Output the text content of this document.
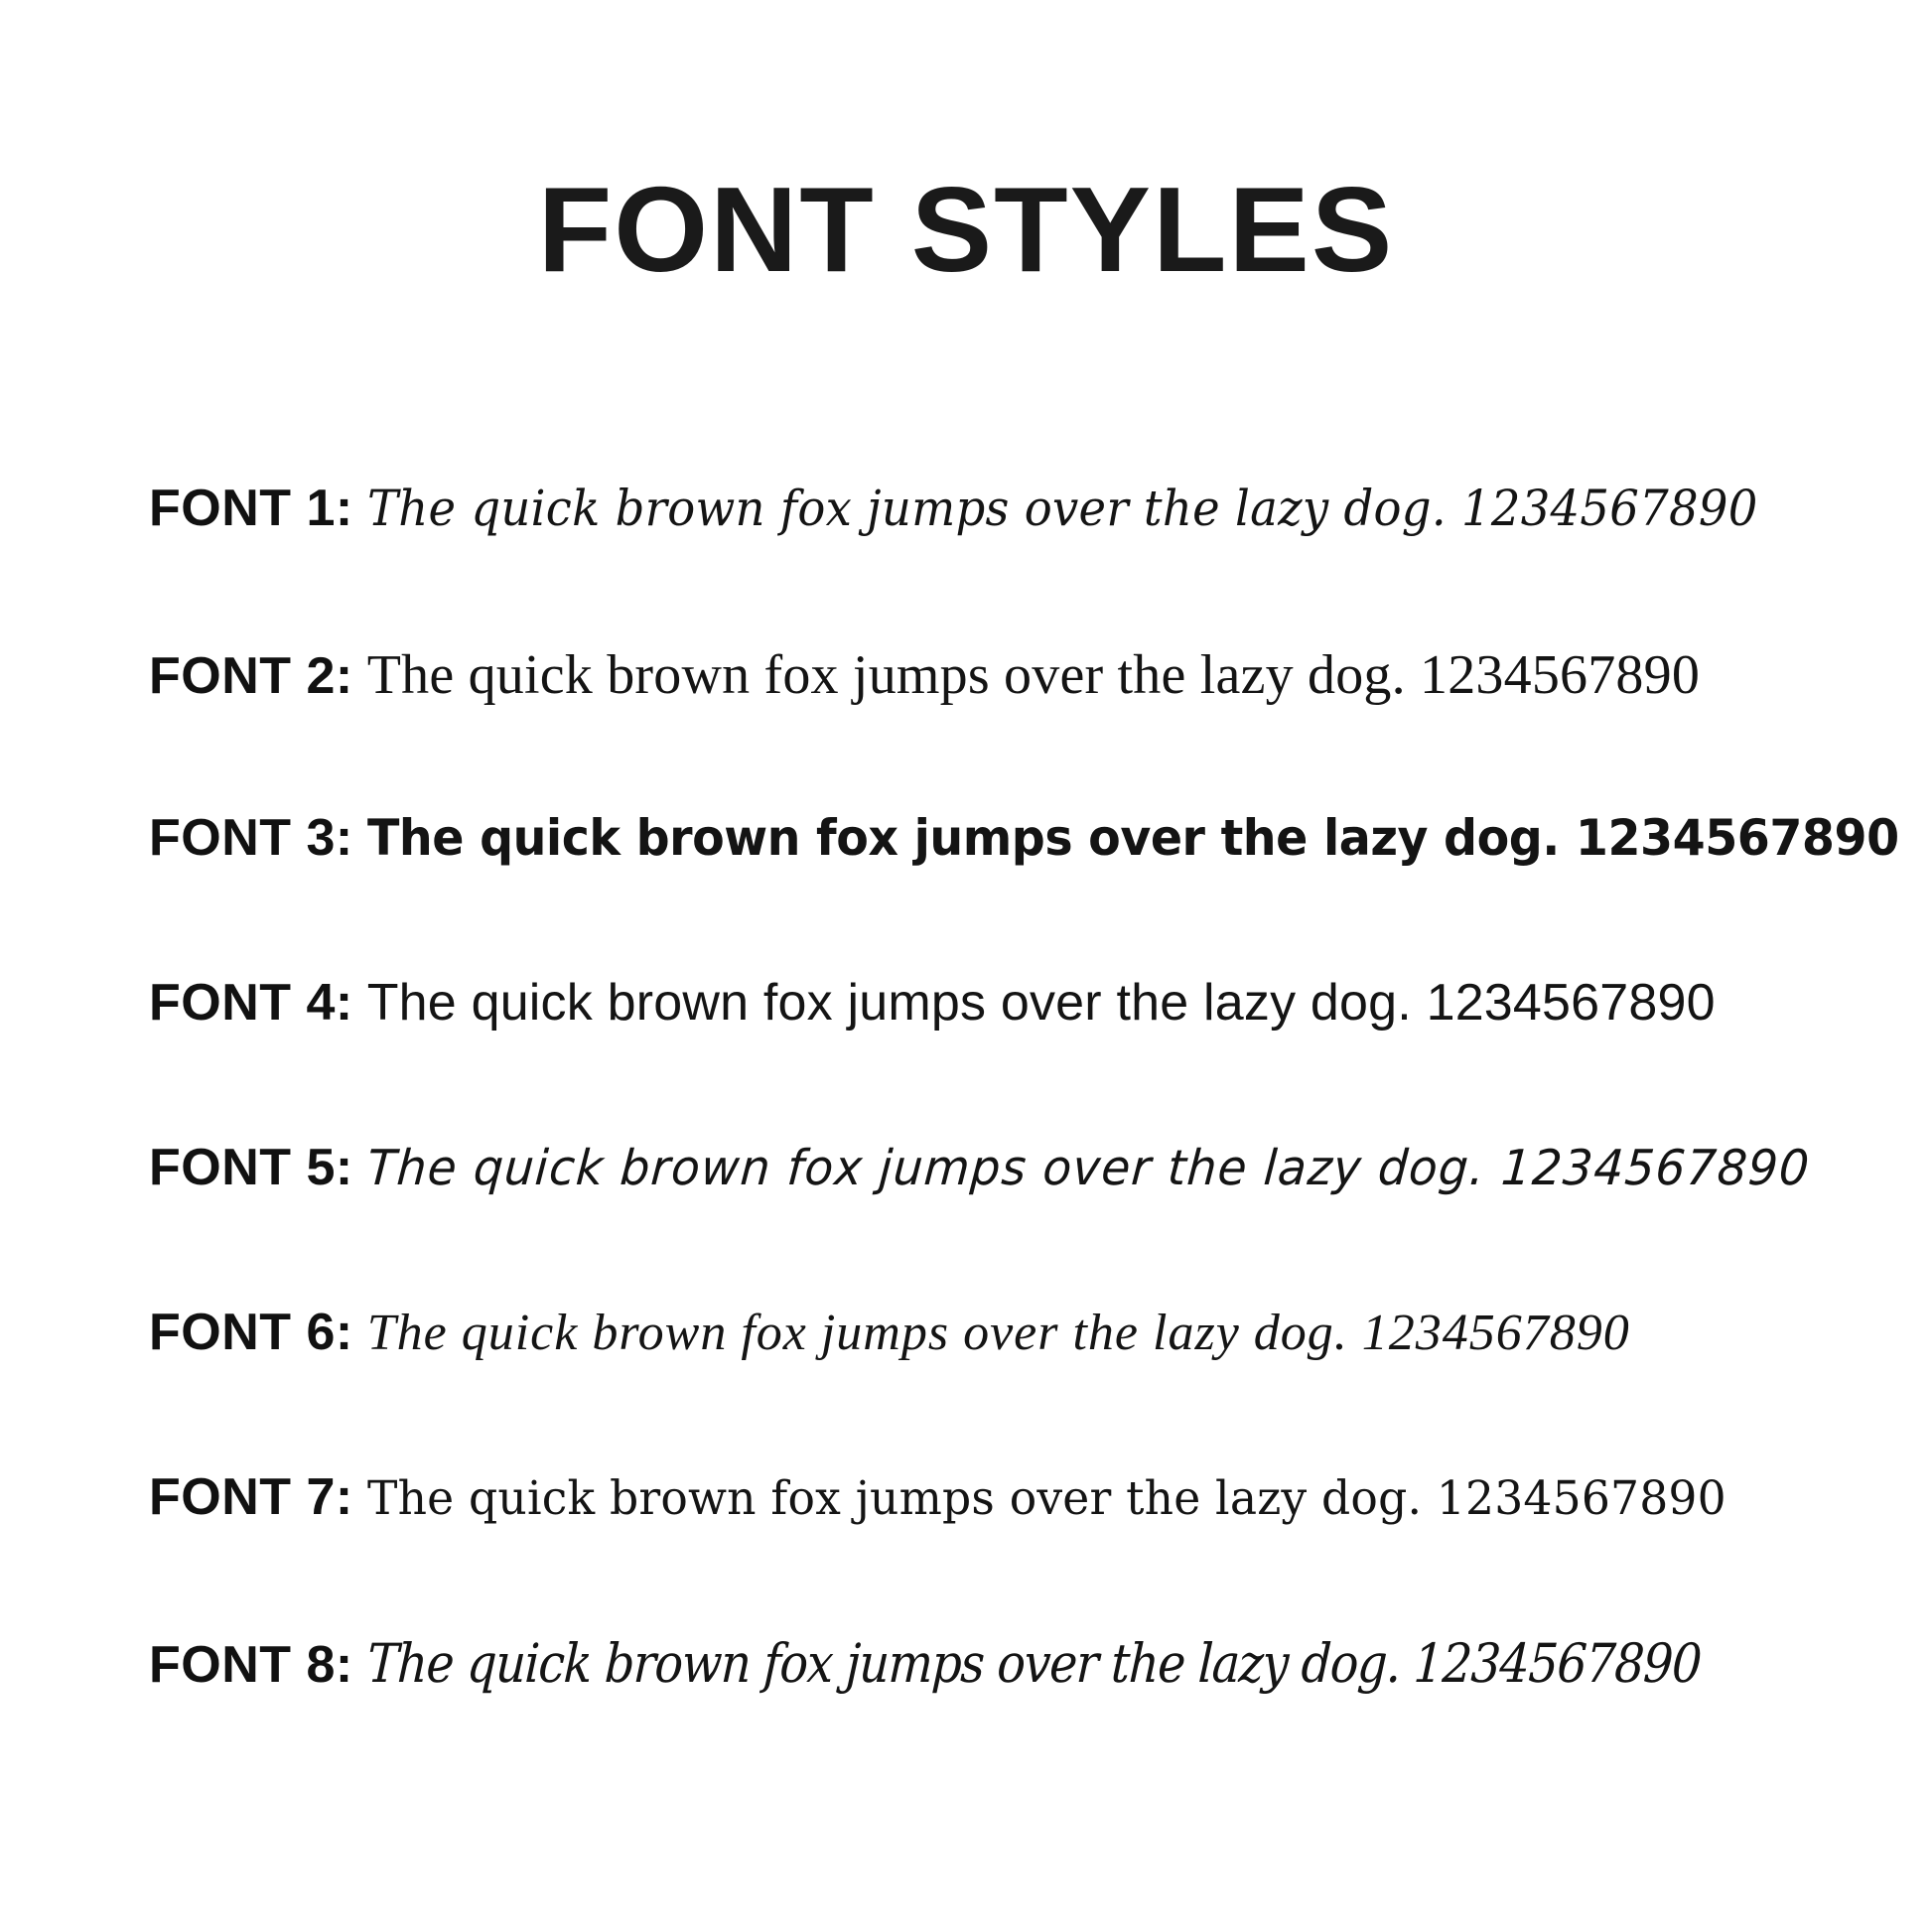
FONT STYLES
FONT 1: The quick brown fox jumps over the lazy dog. 1234567890
FONT 2: The quick brown fox jumps over the lazy dog. 1234567890
FONT 3: The quick brown fox jumps over the lazy dog. 1234567890
FONT 4: The quick brown fox jumps over the lazy dog. 1234567890
FONT 5: The quick brown fox jumps over the lazy dog. 1234567890
FONT 6: The quick brown fox jumps over the lazy dog. 1234567890
FONT 7: The quick brown fox jumps over the lazy dog. 1234567890
FONT 8: The quick brown fox jumps over the lazy dog. 1234567890
